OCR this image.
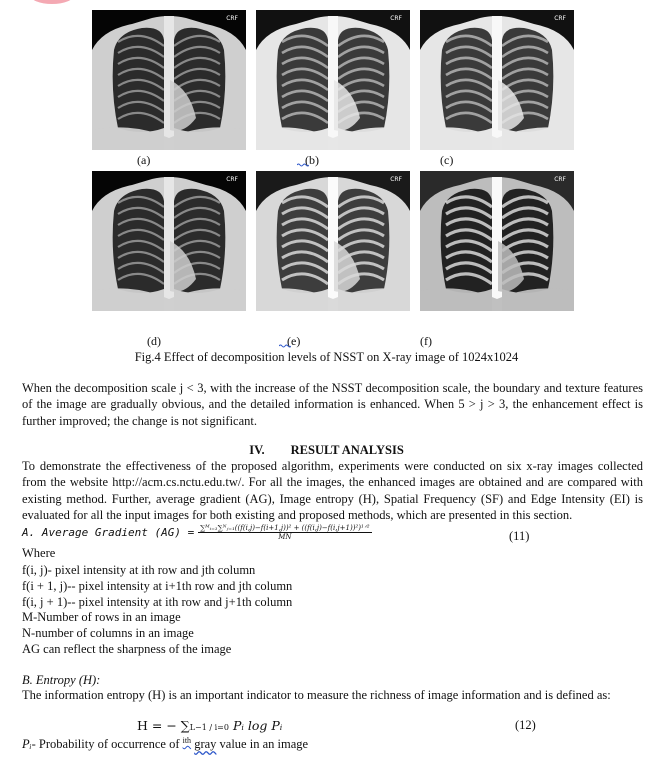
CRF
(a)
CRF
(b)
CRF
(c)
CRF
(d)
CRF
(e)
CRF
(f)
Fig.4 Effect of decomposition levels of NSST on X-ray image of 1024x1024

When the decomposition scale j < 3, with the increase of the NSST decomposition scale, the boundary and texture features of the image are gradually obvious, and the detailed information is enhanced. When 5 > j > 3, the enhancement effect is further improved; the change is not significant.

IV. RESULT ANALYSIS

To demonstrate the effectiveness of the proposed algorithm, experiments were conducted on six x-ray images collected from the website http://acm.cs.nctu.edu.tw/. For all the images, the enhanced images are obtained and are compared with existing method. Further, average gradient (AG), Image entropy (H), Spatial Frequency (SF) and Edge Intensity (EI) is evaluated for all the input images for both existing and proposed methods, which are presented in this section.

A. Average Gradient $(AG) = \frac{\text{∑ᴹᵢ₌₁∑ᴺⱼ₌₁((f(i,j)−f(i+1,j))² + ((f(i,j)−f(i,j+1))²)¹ᐟ²}}{MN}$	(11)
Where
f(i, j)- pixel intensity at ith row and jth column
f(i + 1, j)-- pixel intensity at i+1th row and jth column
f(i, j + 1)-- pixel intensity at ith row and j+1th column
M-Number of rows in an image
N-number of columns in an image
AG can reflect the sharpness of the image
B. Entropy (H):
The information entropy (H) is an important indicator to measure the richness of image information and is defined as:
H = − ∑L−1 / i=0 Pᵢ log Pᵢ	(12)
Pᵢ- Probability of occurrence of $^{ith}$ gray value in an image
